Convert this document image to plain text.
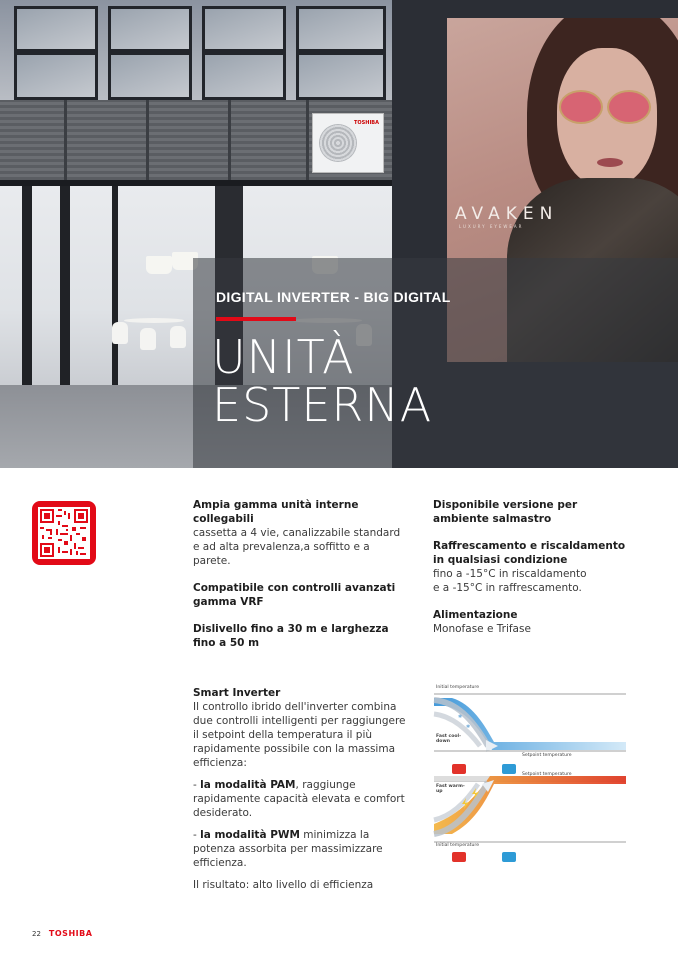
TOSHIBA
AVAKEN
LUXURY EYEWEAR
DIGITAL INVERTER - BIG DIGITAL
UNITÀ
ESTERNA
Ampia gamma unità interne collegabili
cassetta a 4 vie, canalizzabile standard e ad alta prevalenza,a soffitto e a parete.
Compatibile con controlli avanzati gamma VRF
Dislivello fino a 30 m e larghezza fino a 50 m
Disponibile versione per ambiente salmastro
Raffrescamento e riscaldamento in qualsiasi condizione
fino a -15°C in riscaldamento
e a -15°C in raffrescamento.
Alimentazione
Monofase e Trifase

Smart Inverter
Il controllo ibrido dell'inverter combina due controlli intelligenti per raggiungere il setpoint della temperatura il più rapidamente possibile con la massima efficienza:

- la modalità PAM, raggiunge rapidamente capacità elevata e comfort desiderato.

- la modalità PWM minimizza la potenza assorbita per massimizzare efficienza.

Il risultato: alto livello di efficienza

✱
✱
Initial temperature
Fast cool-down
Setpoint temperature
Setpoint temperature
Fast warm-up
Initial temperature
22 TOSHIBA
